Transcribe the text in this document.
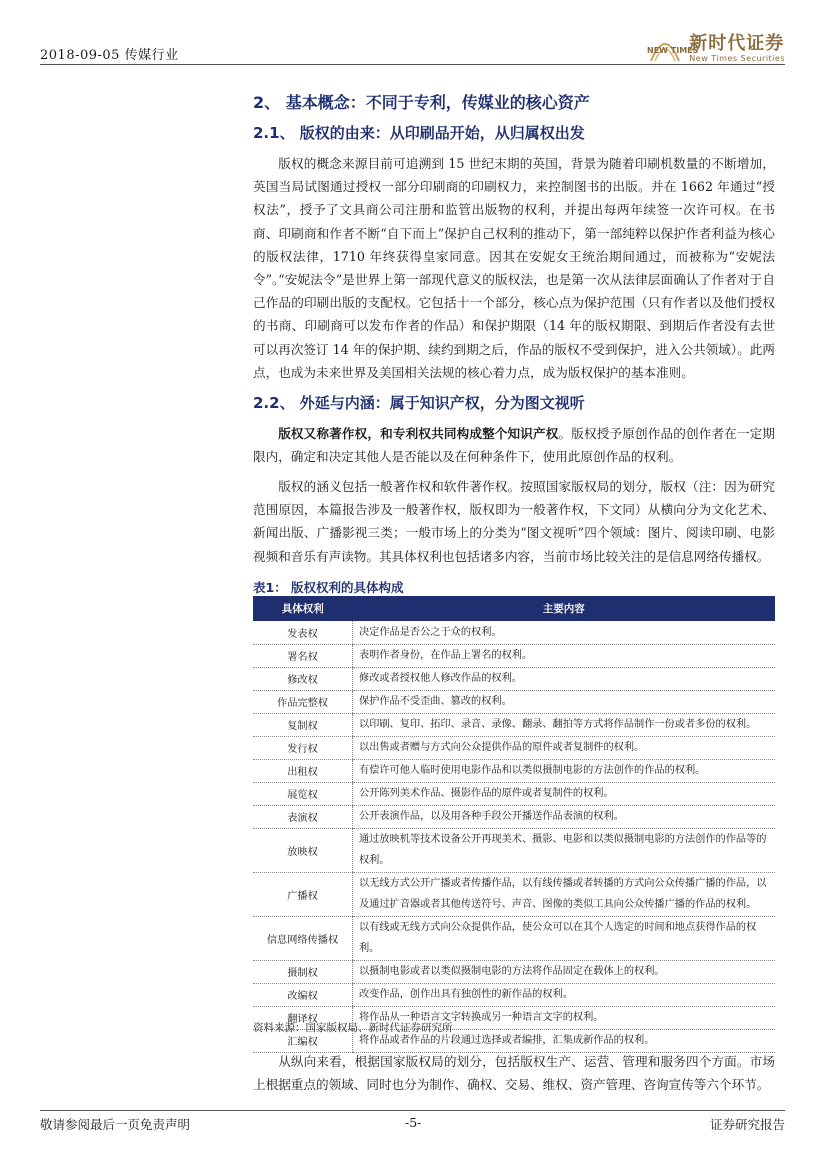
2018-09-05 传媒行业	NEW TIMES
新时代证券
New Times Securities
2、 基本概念：不同于专利，传媒业的核心资产
2.1、 版权的由来：从印刷品开始，从归属权出发
版权的概念来源目前可追溯到 15 世纪末期的英国，背景为随着印刷机数量的不断增加，英国当局试图通过授权一部分印刷商的印刷权力，来控制图书的出版。并在 1662 年通过“授权法”，授予了文具商公司注册和监管出版物的权利，并提出每两年续签一次许可权。在书商、印刷商和作者不断“自下而上”保护自己权利的推动下，第一部纯粹以保护作者利益为核心的版权法律，1710 年终获得皇家同意。因其在安妮女王统治期间通过，而被称为“安妮法令”。
“安妮法令”是世界上第一部现代意义的版权法，也是第一次从法律层面确认了作者对于自己作品的印刷出版的支配权。它包括十一个部分，核心点为保护范围（只有作者以及他们授权的书商、印刷商可以发布作者的作品）和保护期限（14 年的版权期限、到期后作者没有去世可以再次签订 14 年的保护期、续约到期之后，作品的版权不受到保护，进入公共领域）。此两点，也成为未来世界及美国相关法规的核心着力点，成为版权保护的基本准则。
2.2、 外延与内涵：属于知识产权，分为图文视听
版权又称著作权，和专利权共同构成整个知识产权。版权授予原创作品的创作者在一定期限内，确定和决定其他人是否能以及在何种条件下，使用此原创作品的权利。
版权的涵义包括一般著作权和软件著作权。按照国家版权局的划分，版权（注：因为研究范围原因，本篇报告涉及一般著作权，版权即为一般著作权，下文同）从横向分为文化艺术、新闻出版、广播影视三类；一般市场上的分类为“图文视听”四个领域：图片、阅读印刷、电影视频和音乐有声读物。其具体权利也包括诸多内容，当前市场比较关注的是信息网络传播权。
表1： 版权权利的具体构成
具体权利	主要内容
发表权	决定作品是否公之于众的权利。
署名权	表明作者身份，在作品上署名的权利。
修改权	修改或者授权他人修改作品的权利。
作品完整权	保护作品不受歪曲、篡改的权利。
复制权	以印刷、复印、拓印、录音、录像、翻录、翻拍等方式将作品制作一份或者多份的权利。
发行权	以出售或者赠与方式向公众提供作品的原件或者复制件的权利。
出租权	有偿许可他人临时使用电影作品和以类似摄制电影的方法创作的作品的权利。
展览权	公开陈列美术作品、摄影作品的原件或者复制件的权利。
表演权	公开表演作品，以及用各种手段公开播送作品表演的权利。
放映权	通过放映机等技术设备公开再现美术、摄影、电影和以类似摄制电影的方法创作的作品等的权利。
广播权	以无线方式公开广播或者传播作品，以有线传播或者转播的方式向公众传播广播的作品，以及通过扩音器或者其他传送符号、声音、图像的类似工具向公众传播广播的作品的权利。
信息网络传播权	以有线或无线方式向公众提供作品，使公众可以在其个人选定的时间和地点获得作品的权利。
摄制权	以摄制电影或者以类似摄制电影的方法将作品固定在载体上的权利。
改编权	改变作品，创作出具有独创性的新作品的权利。
翻译权	将作品从一种语言文字转换成另一种语言文字的权利。
汇编权	将作品或者作品的片段通过选择或者编排，汇集成新作品的权利。
资料来源：国家版权局、新时代证券研究所
从纵向来看，根据国家版权局的划分，包括版权生产、运营、管理和服务四个方面。市场上根据重点的领域、同时也分为制作、确权、交易、维权、资产管理、咨询宣传等六个环节。
敬请参阅最后一页免责声明	-5-	证券研究报告
